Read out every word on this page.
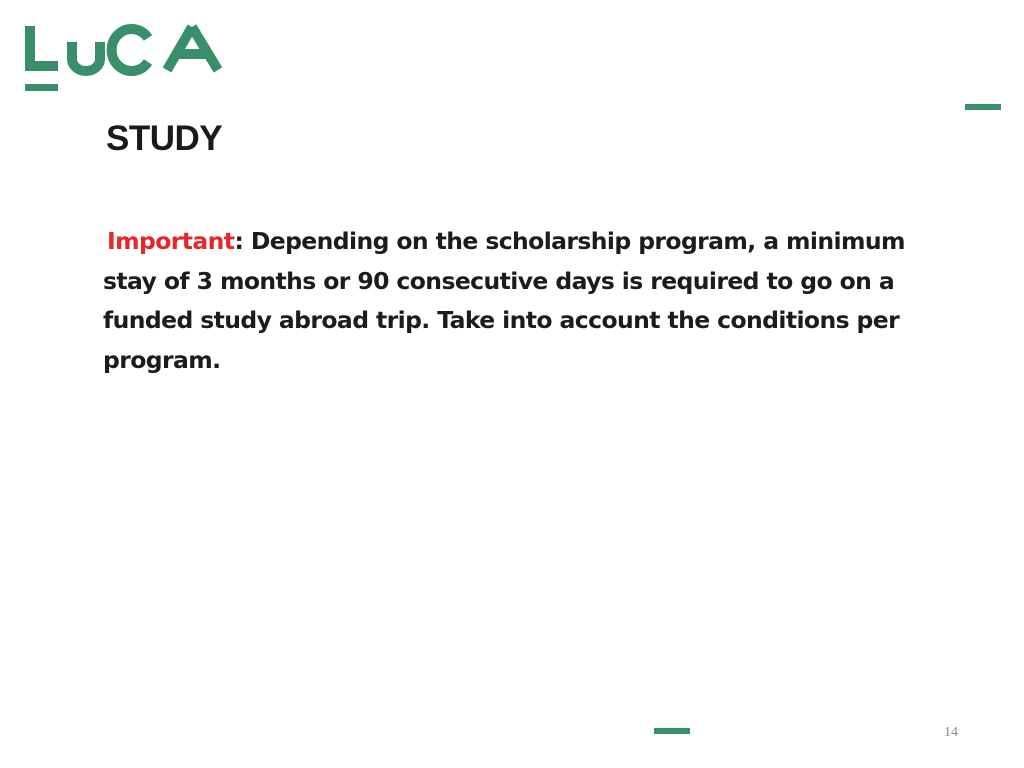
STUDY

Important: Depending on the scholarship program, a minimum stay of 3 months or 90 consecutive days is required to go on a funded study abroad trip. Take into account the conditions per program.

14
